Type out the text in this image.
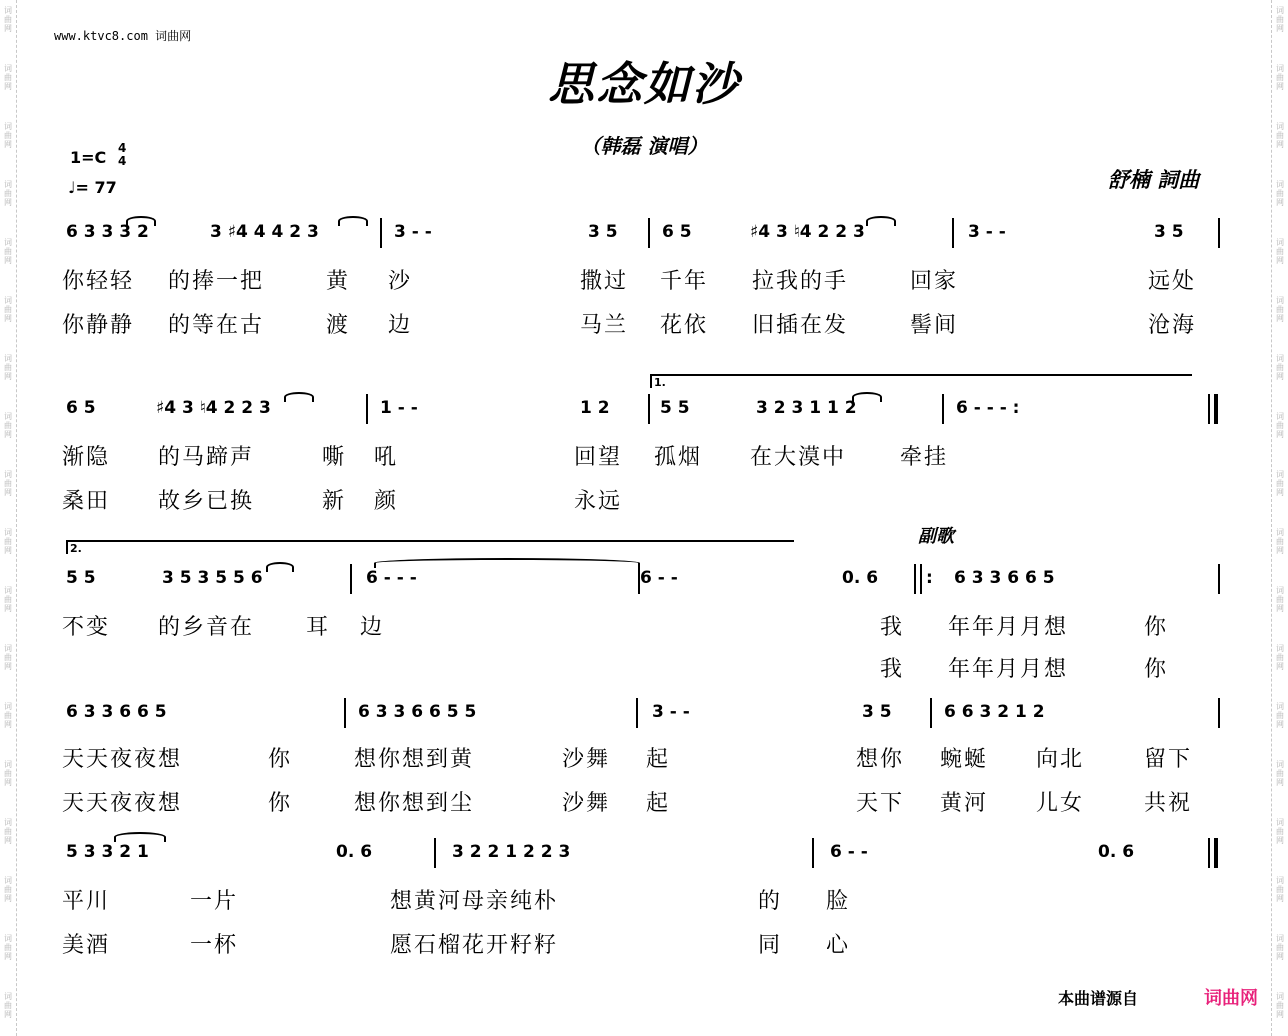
词曲网
词曲网
词曲网
词曲网
词曲网
词曲网
词曲网
词曲网
词曲网
词曲网
词曲网
词曲网
词曲网
词曲网
词曲网
词曲网
词曲网
词曲网
词曲网
词曲网
词曲网
词曲网
词曲网
词曲网
词曲网
词曲网
词曲网
词曲网
词曲网
词曲网
词曲网
词曲网
词曲网
词曲网
词曲网
词曲网
www.ktvc8.com 词曲网
思念如沙
（韩磊 演唱）
1=C 4
4
♩= 77	舒楠 詞曲
6 3 3 3 2	3 ♯4 4 4 2 3	3 - -	3 5	6 5	♯4 3 ♮4 2 2 3	3 - -	3 5
你轻轻 的捧一把	黄 沙	撒过 千年 拉我的手	回家	远处
你静静 的等在古	渡 边	马兰 花依 旧插在发	髻间	沧海
1.
6 5	♯4 3 ♮4 2 2 3	1 - -	1 2	5 5	3 2 3 1 1 2	6 - - - :
渐隐 的马蹄声	嘶 吼	回望 孤烟 在大漠中 牵挂
桑田 故乡已换	新 颜	永远
2.
副歌
5 5	3 5 3 5 5 6	6 - - -	6 - -	0. 6	: 6 3 3 6 6 5
不变 的乡音在 耳 边	我 年年月月想	你
我 年年月月想	你
6 3 3 6 6 5	6 3 3 6 6 5 5	3 - -	3 5	6 6 3 2 1 2
天天夜夜想	你	想你想到黄	沙舞 起	想你 蜿蜒 向北	留下
天天夜夜想	你	想你想到尘	沙舞 起	天下 黄河 儿女	共祝
5 3 3 2 1	0. 6	3 2 2 1 2 2 3	6 - -	0. 6
平川	一片	想黄河母亲纯朴	的 脸
美酒	一杯	愿石榴花开籽籽	同 心
本曲谱源自	词曲网
